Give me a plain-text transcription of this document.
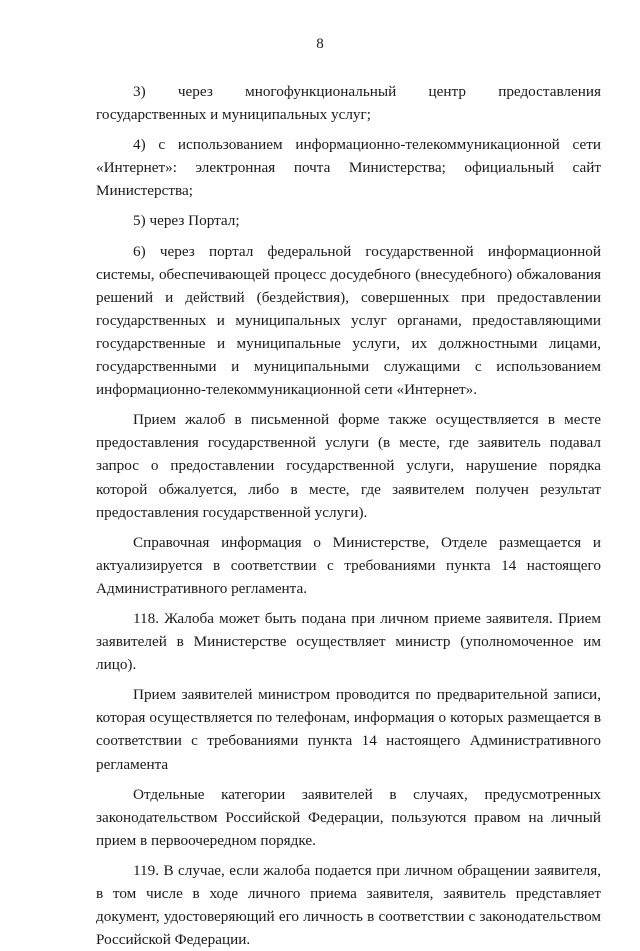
8

3) через многофункциональный центр предоставления государственных и муниципальных услуг;

4) с использованием информационно-телекоммуникационной сети «Интернет»: электронная почта Министерства; официальный сайт Министерства;

5) через Портал;

6) через портал федеральной государственной информационной системы, обеспечивающей процесс досудебного (внесудебного) обжалования решений и действий (бездействия), совершенных при предоставлении государственных и муниципальных услуг органами, предоставляющими государственные и муниципальные услуги, их должностными лицами, государственными и муниципальными служащими с использованием информационно-телекоммуникационной сети «Интернет».

Прием жалоб в письменной форме также осуществляется в месте предоставления государственной услуги (в месте, где заявитель подавал запрос о предоставлении государственной услуги, нарушение порядка которой обжалуется, либо в месте, где заявителем получен результат предоставления государственной услуги).

Справочная информация о Министерстве, Отделе размещается и актуализируется в соответствии с требованиями пункта 14 настоящего Административного регламента.

118. Жалоба может быть подана при личном приеме заявителя. Прием заявителей в Министерстве осуществляет министр (уполномоченное им лицо).

Прием заявителей министром проводится по предварительной записи, которая осуществляется по телефонам, информация о которых размещается в соответствии с требованиями пункта 14 настоящего Административного регламента

Отдельные категории заявителей в случаях, предусмотренных законодательством Российской Федерации, пользуются правом на личный прием в первоочередном порядке.

119. В случае, если жалоба подается при личном обращении заявителя, в том числе в ходе личного приема заявителя, заявитель представляет документ, удостоверяющий его личность в соответствии с законодательством Российской Федерации.
